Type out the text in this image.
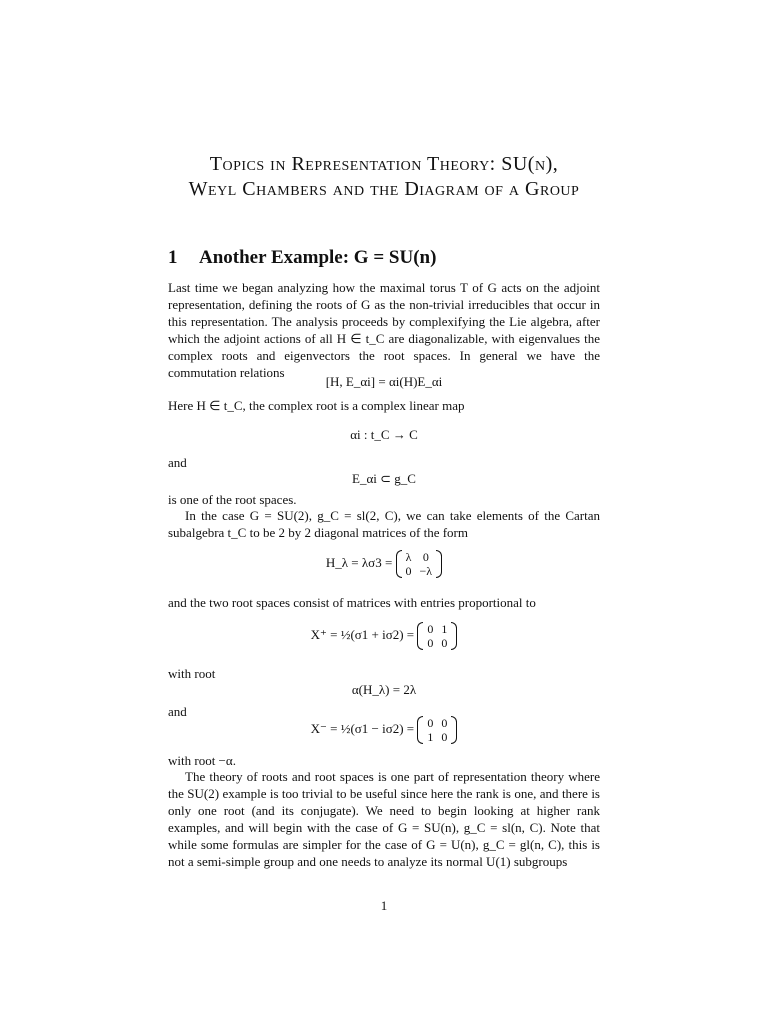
Topics in Representation Theory: SU(n),
Weyl Chambers and the Diagram of a Group
1 Another Example: G = SU(n)

Last time we began analyzing how the maximal torus T of G acts on the adjoint representation, defining the roots of G as the non-trivial irreducibles that occur in this representation. The analysis proceeds by complexifying the Lie algebra, after which the adjoint actions of all H ∈ t_C are diagonalizable, with eigenvalues the complex roots and eigenvectors the root spaces. In general we have the commutation relations

[H, E_αi] = αi(H)E_αi
Here H ∈ t_C, the complex root is a complex linear map
αi : t_C → C
and
E_αi ⊂ g_C
is one of the root spaces.

In the case G = SU(2), g_C = sl(2, C), we can take elements of the Cartan subalgebra t_C to be 2 by 2 diagonal matrices of the form

H_λ = λσ3 = λ	0
0	−λ
and the two root spaces consist of matrices with entries proportional to
X⁺ = ½(σ1 + iσ2) = 0	1
0	0
with root
α(H_λ) = 2λ
and
X⁻ = ½(σ1 − iσ2) = 0	0
1	0
with root −α.

The theory of roots and root spaces is one part of representation theory where the SU(2) example is too trivial to be useful since here the rank is one, and there is only one root (and its conjugate). We need to begin looking at higher rank examples, and will begin with the case of G = SU(n), g_C = sl(n, C). Note that while some formulas are simpler for the case of G = U(n), g_C = gl(n, C), this is not a semi-simple group and one needs to analyze its normal U(1) subgroups

1
